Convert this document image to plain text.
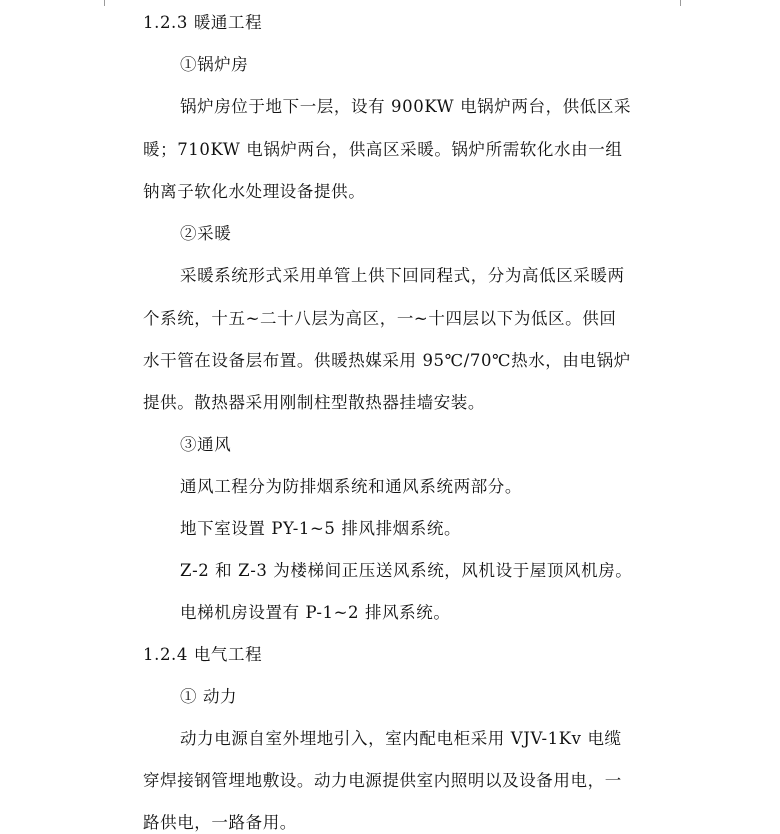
1.2.3 暖通工程
①锅炉房
锅炉房位于地下一层，设有 900KW 电锅炉两台，供低区采
暖；710KW 电锅炉两台，供高区采暖。锅炉所需软化水由一组
钠离子软化水处理设备提供。
②采暖
采暖系统形式采用单管上供下回同程式，分为高低区采暖两
个系统，十五~二十八层为高区，一~十四层以下为低区。供回
水干管在设备层布置。供暖热媒采用 95℃/70℃热水，由电锅炉
提供。散热器采用刚制柱型散热器挂墙安装。
③通风
通风工程分为防排烟系统和通风系统两部分。
地下室设置 PY-1~5 排风排烟系统。
Z-2 和 Z-3 为楼梯间正压送风系统，风机设于屋顶风机房。
电梯机房设置有 P-1~2 排风系统。
1.2.4 电气工程
① 动力
动力电源自室外埋地引入，室内配电柜采用 VJV-1Kv 电缆
穿焊接钢管埋地敷设。动力电源提供室内照明以及设备用电，一
路供电，一路备用。
